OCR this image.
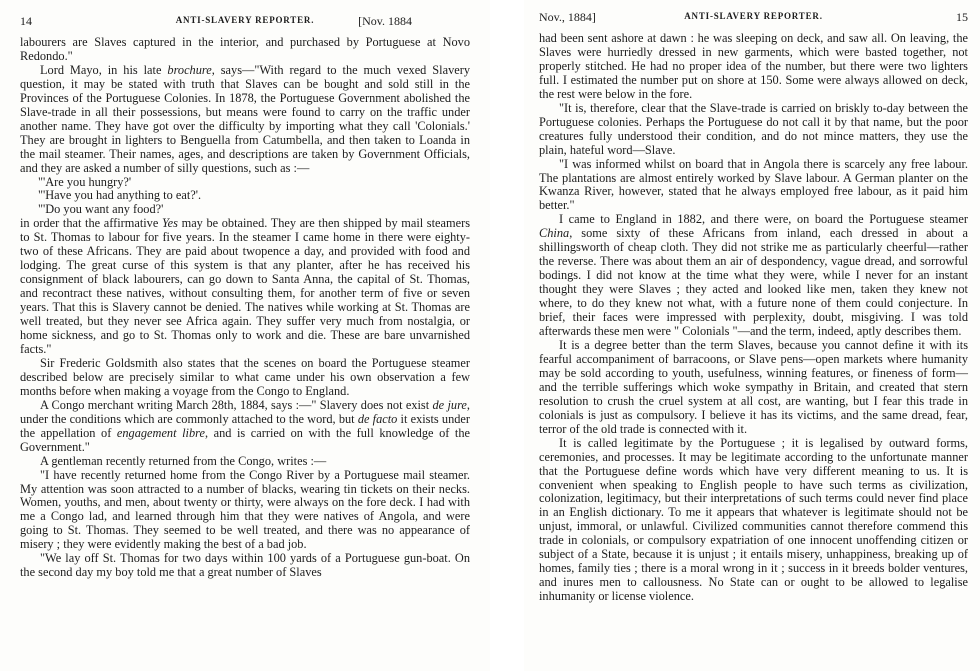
14	ANTI-SLAVERY REPORTER.	[Nov. 1884

labourers are Slaves captured in the interior, and purchased by Portuguese at Novo Redondo."

Lord Mayo, in his late brochure, says—"With regard to the much vexed Slavery question, it may be stated with truth that Slaves can be bought and sold still in the Provinces of the Portuguese Colonies. In 1878, the Portuguese Government abolished the Slave-trade in all their possessions, but means were found to carry on the traffic under another name. They have got over the difficulty by importing what they call 'Colonials.' They are brought in lighters to Benguella from Catumbella, and then taken to Loanda in the mail steamer. Their names, ages, and descriptions are taken by Government Officials, and they are asked a number of silly questions, such as :—

"'Are you hungry?'

"'Have you had anything to eat?'.

"'Do you want any food?'

in order that the affirmative Yes may be obtained. They are then shipped by mail steamers to St. Thomas to labour for five years. In the steamer I came home in there were eighty-two of these Africans. They are paid about twopence a day, and provided with food and lodging. The great curse of this system is that any planter, after he has received his consignment of black labourers, can go down to Santa Anna, the capital of St. Thomas, and recontract these natives, without consulting them, for another term of five or seven years. That this is Slavery cannot be denied. The natives while working at St. Thomas are well treated, but they never see Africa again. They suffer very much from nostalgia, or home sickness, and go to St. Thomas only to work and die. These are bare unvarnished facts."

Sir Frederic Goldsmith also states that the scenes on board the Portuguese steamer described below are precisely similar to what came under his own observation a few months before when making a voyage from the Congo to England.

A Congo merchant writing March 28th, 1884, says :—" Slavery does not exist de jure, under the conditions which are commonly attached to the word, but de facto it exists under the appellation of engagement libre, and is carried on with the full knowledge of the Government."

A gentleman recently returned from the Congo, writes :—

"I have recently returned home from the Congo River by a Portuguese mail steamer. My attention was soon attracted to a number of blacks, wearing tin tickets on their necks. Women, youths, and men, about twenty or thirty, were always on the fore deck. I had with me a Congo lad, and learned through him that they were natives of Angola, and were going to St. Thomas. They seemed to be well treated, and there was no appearance of misery ; they were evidently making the best of a bad job.

"We lay off St. Thomas for two days within 100 yards of a Portuguese gun-boat. On the second day my boy told me that a great number of Slaves

Nov., 1884]	ANTI-SLAVERY REPORTER.	15

had been sent ashore at dawn : he was sleeping on deck, and saw all. On leaving, the Slaves were hurriedly dressed in new garments, which were basted together, not properly stitched. He had no proper idea of the number, but there were two lighters full. I estimated the number put on shore at 150. Some were always allowed on deck, the rest were below in the fore.

"It is, therefore, clear that the Slave-trade is carried on briskly to-day between the Portuguese colonies. Perhaps the Portuguese do not call it by that name, but the poor creatures fully understood their condition, and do not mince matters, they use the plain, hateful word—Slave.

"I was informed whilst on board that in Angola there is scarcely any free labour. The plantations are almost entirely worked by Slave labour. A German planter on the Kwanza River, however, stated that he always employed free labour, as it paid him better."

I came to England in 1882, and there were, on board the Portuguese steamer China, some sixty of these Africans from inland, each dressed in about a shillingsworth of cheap cloth. They did not strike me as particularly cheerful—rather the reverse. There was about them an air of despondency, vague dread, and sorrowful bodings. I did not know at the time what they were, while I never for an instant thought they were Slaves ; they acted and looked like men, taken they knew not where, to do they knew not what, with a future none of them could conjecture. In brief, their faces were impressed with perplexity, doubt, misgiving. I was told afterwards these men were " Colonials "—and the term, indeed, aptly describes them.

It is a degree better than the term Slaves, because you cannot define it with its fearful accompaniment of barracoons, or Slave pens—open markets where humanity may be sold according to youth, usefulness, winning features, or fineness of form—and the terrible sufferings which woke sympathy in Britain, and created that stern resolution to crush the cruel system at all cost, are wanting, but I fear this trade in colonials is just as compulsory. I believe it has its victims, and the same dread, fear, terror of the old trade is connected with it.

It is called legitimate by the Portuguese ; it is legalised by outward forms, ceremonies, and processes. It may be legitimate according to the unfortunate manner that the Portuguese define words which have very different meaning to us. It is convenient when speaking to English people to have such terms as civilization, colonization, legitimacy, but their interpretations of such terms could never find place in an English dictionary. To me it appears that whatever is legitimate should not be unjust, immoral, or unlawful. Civilized communities cannot therefore commend this trade in colonials, or compulsory expatriation of one innocent unoffending citizen or subject of a State, because it is unjust ; it entails misery, unhappiness, breaking up of homes, family ties ; there is a moral wrong in it ; success in it breeds bolder ventures, and inures men to callousness. No State can or ought to be allowed to legalise inhumanity or license violence.
